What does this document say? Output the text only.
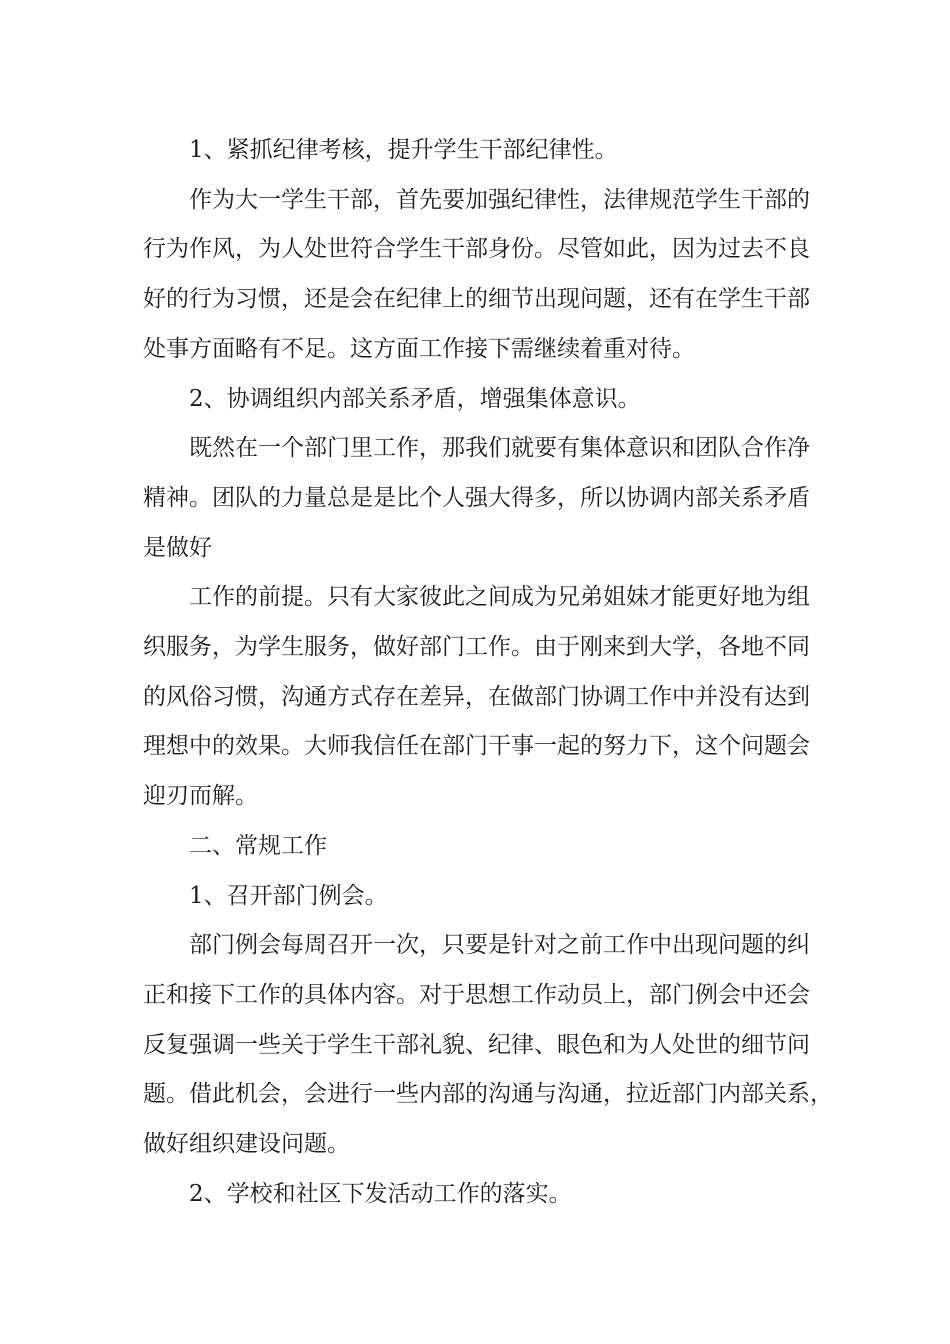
1、紧抓纪律考核，提升学生干部纪律性。
作为大一学生干部，首先要加强纪律性，法律规范学生干部的
行为作风，为人处世符合学生干部身份。尽管如此，因为过去不良
好的行为习惯，还是会在纪律上的细节出现问题，还有在学生干部
处事方面略有不足。这方面工作接下需继续着重对待。
2、协调组织内部关系矛盾，增强集体意识。
既然在一个部门里工作，那我们就要有集体意识和团队合作净
精神。团队的力量总是是比个人强大得多，所以协调内部关系矛盾
是做好
工作的前提。只有大家彼此之间成为兄弟姐妹才能更好地为组
织服务，为学生服务，做好部门工作。由于刚来到大学，各地不同
的风俗习惯，沟通方式存在差异，在做部门协调工作中并没有达到
理想中的效果。大师我信任在部门干事一起的努力下，这个问题会
迎刃而解。
二、常规工作
1、召开部门例会。
部门例会每周召开一次，只要是针对之前工作中出现问题的纠
正和接下工作的具体内容。对于思想工作动员上，部门例会中还会
反复强调一些关于学生干部礼貌、纪律、眼色和为人处世的细节问
题。借此机会，会进行一些内部的沟通与沟通，拉近部门内部关系，
做好组织建设问题。
2、学校和社区下发活动工作的落实。
